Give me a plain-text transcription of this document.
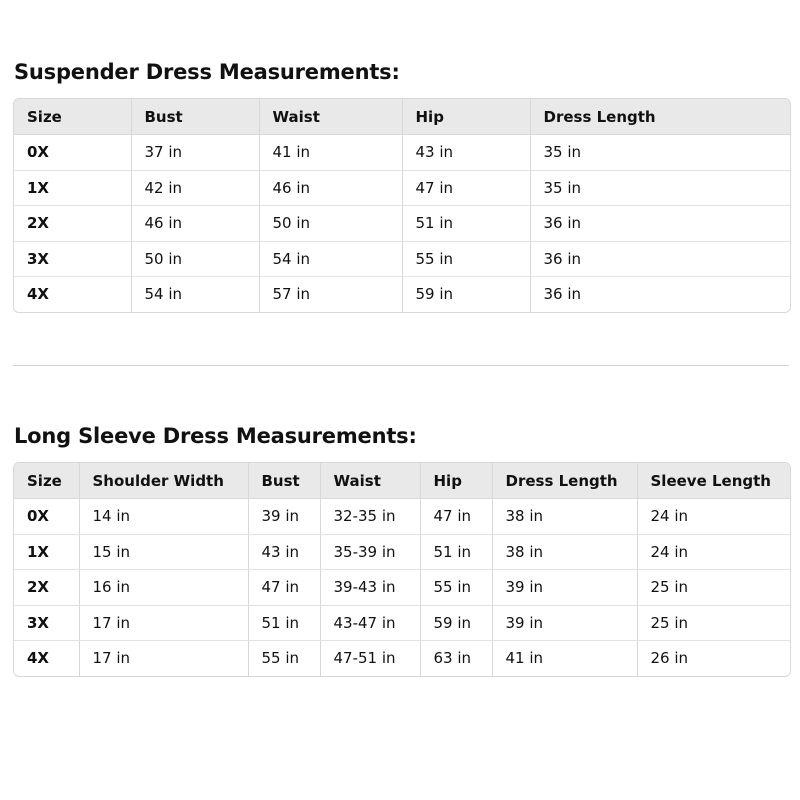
Suspender Dress Measurements:
Size	Bust	Waist	Hip	Dress Length
0X	37 in	41 in	43 in	35 in
1X	42 in	46 in	47 in	35 in
2X	46 in	50 in	51 in	36 in
3X	50 in	54 in	55 in	36 in
4X	54 in	57 in	59 in	36 in
Long Sleeve Dress Measurements:
Size	Shoulder Width	Bust	Waist	Hip	Dress Length	Sleeve Length
0X	14 in	39 in	32-35 in	47 in	38 in	24 in
1X	15 in	43 in	35-39 in	51 in	38 in	24 in
2X	16 in	47 in	39-43 in	55 in	39 in	25 in
3X	17 in	51 in	43-47 in	59 in	39 in	25 in
4X	17 in	55 in	47-51 in	63 in	41 in	26 in
